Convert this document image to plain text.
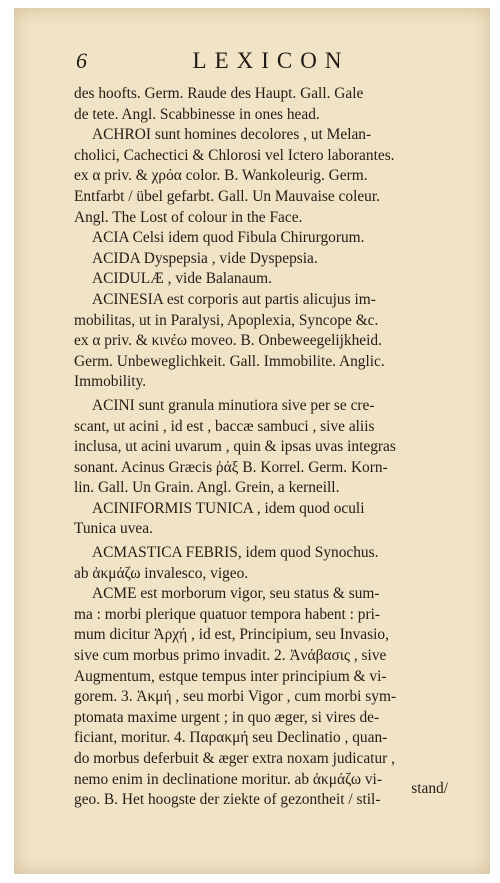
6	LEXICON
des hoofts. Germ. Raude des Haupt. Gall. Gale
de tete. Angl. Scabbinesse in ones head.
ACHROI sunt homines decolores , ut Melan-
cholici, Cachectici & Chlorosi vel Ictero laborantes.
ex α priv. & χρόα color. B. Wankoleurig. Germ.
Entfarbt / übel gefarbt. Gall. Un Mauvaise coleur.
Angl. The Lost of colour in the Face.
ACIA Celsi idem quod Fibula Chirurgorum.
ACIDA Dyspepsia , vide Dyspepsia.
ACIDULÆ , vide Balanaum.
ACINESIA est corporis aut partis alicujus im-
mobilitas, ut in Paralysi, Apoplexia, Syncope &c.
ex α priv. & κινέω moveo. B. Onbeweegelijkheid.
Germ. Unbeweglichkeit. Gall. Immobilite. Anglic.
Immobility.
ACINI sunt granula minutiora sive per se cre-
scant, ut acini , id est , baccæ sambuci , sive aliis
inclusa, ut acini uvarum , quin & ipsas uvas integras
sonant. Acinus Græcis ῥάξ B. Korrel. Germ. Korn-
lin. Gall. Un Grain. Angl. Grein, a kerneill.
ACINIFORMIS TUNICA , idem quod oculi
Tunica uvea.
ACMASTICA FEBRIS, idem quod Synochus.
ab ἀκμάζω invalesco, vigeo.
ACME est morborum vigor, seu status & sum-
ma : morbi plerique quatuor tempora habent : pri-
mum dicitur Ἀρχή , id est, Principium, seu Invasio,
sive cum morbus primo invadit. 2. Ἀνάβασις , sive
Augmentum, estque tempus inter principium & vi-
gorem. 3. Ἀκμή , seu morbi Vigor , cum morbi sym-
ptomata maxime urgent ; in quo æger, si vires de-
ficiant, moritur. 4. Παρακμή seu Declinatio , quan-
do morbus deferbuit & æger extra noxam judicatur ,
nemo enim in declinatione moritur. ab ἀκμάζω vi-
geo. B. Het hoogste der ziekte of gezontheit / stil-
stand/
